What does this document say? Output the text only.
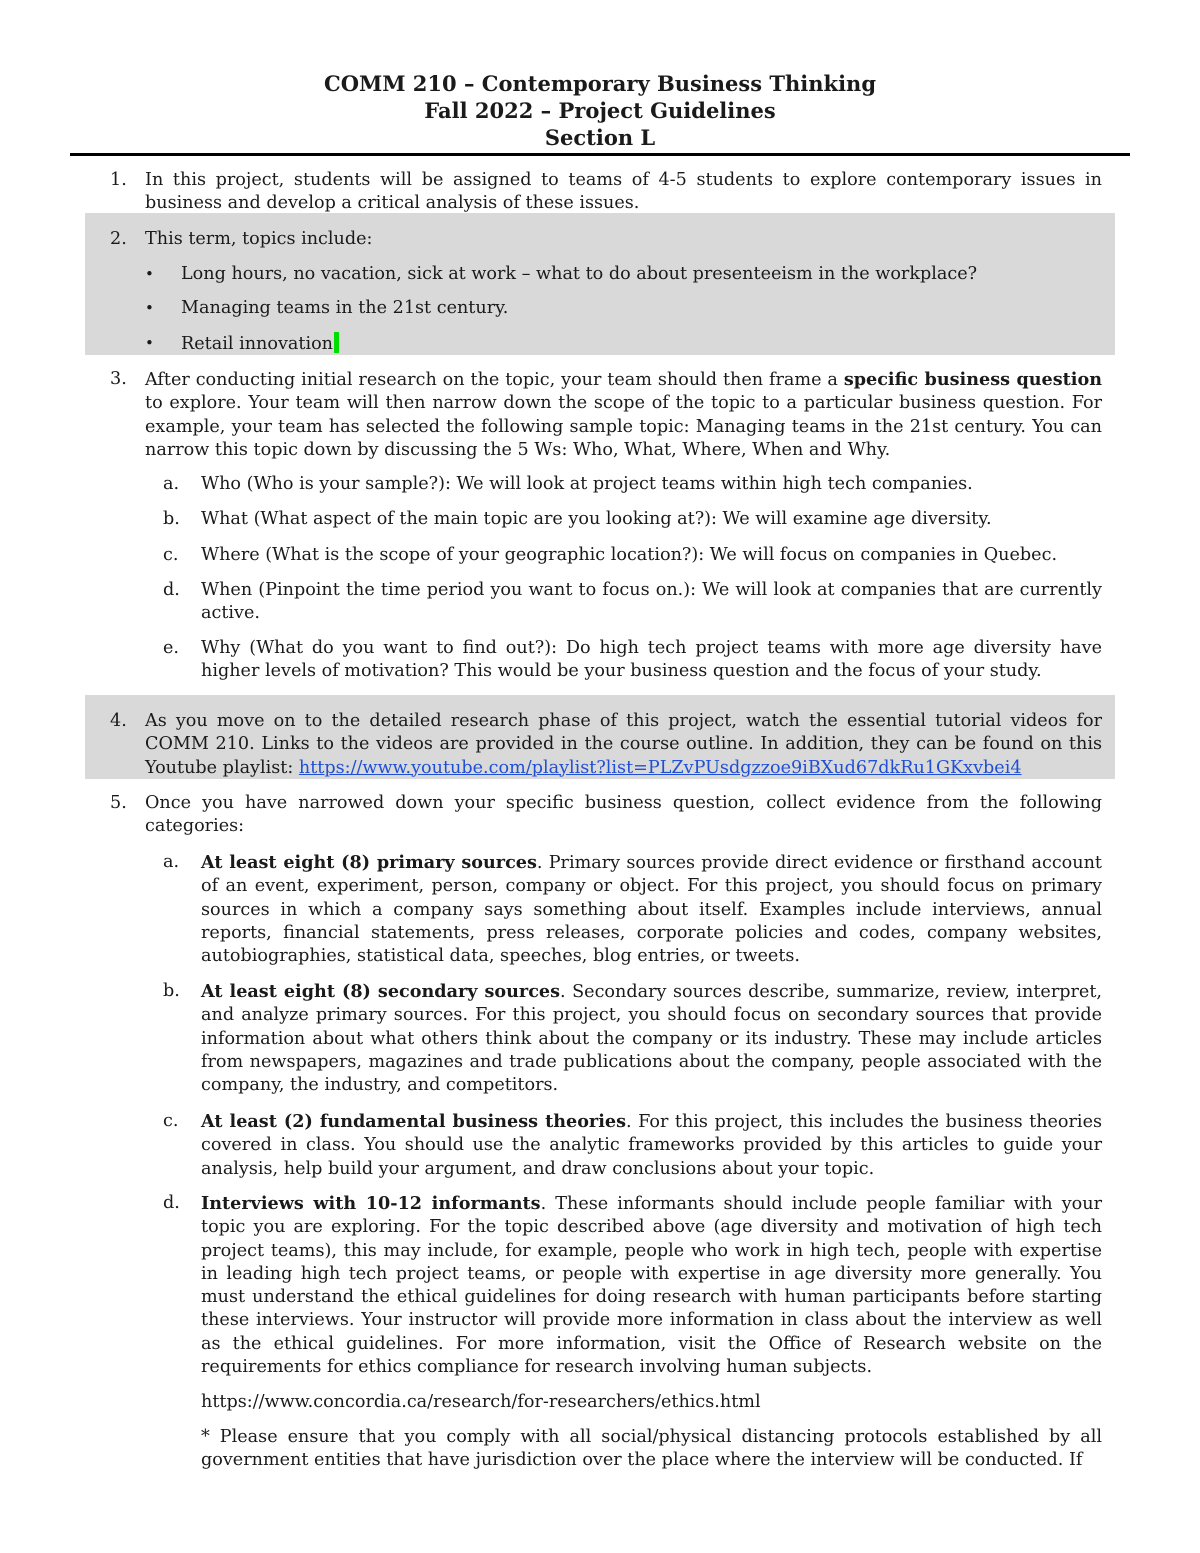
COMM 210 – Contemporary Business Thinking
Fall 2022 – Project Guidelines
Section L
1. In this project, students will be assigned to teams of 4-5 students to explore contemporary issues in business and develop a critical analysis of these issues.
2. This term, topics include:
• Long hours, no vacation, sick at work – what to do about presenteeism in the workplace?
• Managing teams in the 21st century.
• Retail innovation
3. After conducting initial research on the topic, your team should then frame a specific business question to explore. Your team will then narrow down the scope of the topic to a particular business question. For example, your team has selected the following sample topic: Managing teams in the 21st century. You can narrow this topic down by discussing the 5 Ws: Who, What, Where, When and Why.
a. Who (Who is your sample?): We will look at project teams within high tech companies.
b. What (What aspect of the main topic are you looking at?): We will examine age diversity.
c. Where (What is the scope of your geographic location?): We will focus on companies in Quebec.
d. When (Pinpoint the time period you want to focus on.): We will look at companies that are currently active.
e. Why (What do you want to find out?): Do high tech project teams with more age diversity have higher levels of motivation? This would be your business question and the focus of your study.
4. As you move on to the detailed research phase of this project, watch the essential tutorial videos for COMM 210. Links to the videos are provided in the course outline. In addition, they can be found on this Youtube playlist: https://www.youtube.com/playlist?list=PLZvPUsdgzzoe9iBXud67dkRu1GKxvbei4
5. Once you have narrowed down your specific business question, collect evidence from the following categories:
a. At least eight (8) primary sources. Primary sources provide direct evidence or firsthand account of an event, experiment, person, company or object. For this project, you should focus on primary sources in which a company says something about itself. Examples include interviews, annual reports, financial statements, press releases, corporate policies and codes, company websites, autobiographies, statistical data, speeches, blog entries, or tweets.
b. At least eight (8) secondary sources. Secondary sources describe, summarize, review, interpret, and analyze primary sources. For this project, you should focus on secondary sources that provide information about what others think about the company or its industry. These may include articles from newspapers, magazines and trade publications about the company, people associated with the company, the industry, and competitors.
c. At least (2) fundamental business theories. For this project, this includes the business theories covered in class. You should use the analytic frameworks provided by this articles to guide your analysis, help build your argument, and draw conclusions about your topic.
d. Interviews with 10-12 informants. These informants should include people familiar with your topic you are exploring. For the topic described above (age diversity and motivation of high tech project teams), this may include, for example, people who work in high tech, people with expertise in leading high tech project teams, or people with expertise in age diversity more generally. You must understand the ethical guidelines for doing research with human participants before starting these interviews. Your instructor will provide more information in class about the interview as well as the ethical guidelines. For more information, visit the Office of Research website on the requirements for ethics compliance for research involving human subjects.
https://www.concordia.ca/research/for-researchers/ethics.html
* Please ensure that you comply with all social/physical distancing protocols established by all government entities that have jurisdiction over the place where the interview will be conducted. If
